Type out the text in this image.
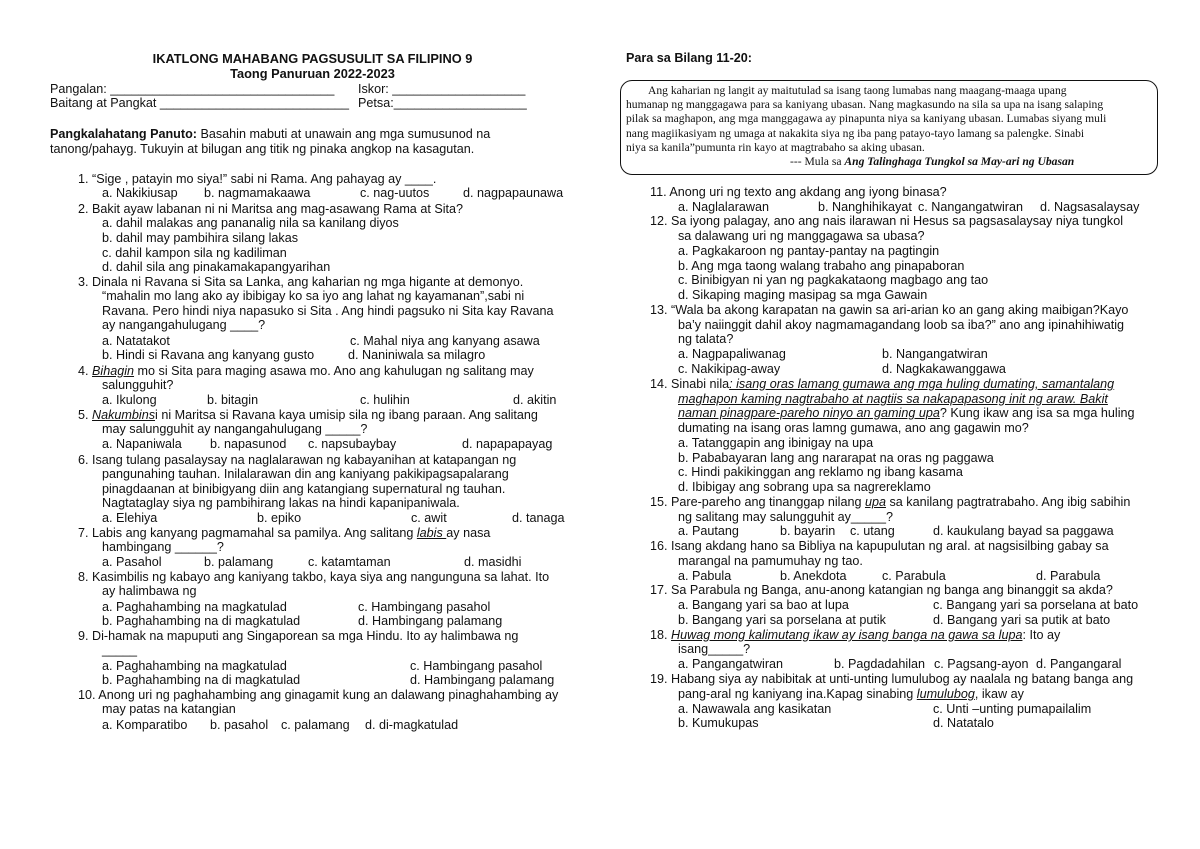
IKATLONG MAHABANG PAGSUSULIT SA FILIPINO 9
Taong Panuruan 2022-2023
Pangalan: ________________________________ Iskor: ___________________
Baitang at Pangkat ___________________________ Petsa:___________________
Pangkalahatang Panuto: Basahin mabuti at unawain ang mga sumusunod na
tanong/pahayg. Tukuyin at bilugan ang titik ng pinaka angkop na kasagutan.
1. “Sige , patayin mo siya!” sabi ni Rama. Ang pahayag ay ____.
a. Nakikiusap b. nagmamakaawa	c. nag-uutos	d. nagpapaunawa
2. Bakit ayaw labanan ni ni Maritsa ang mag-asawang Rama at Sita?
a. dahil malakas ang pananalig nila sa kanilang diyos
b. dahil may pambihira silang lakas
c. dahil kampon sila ng kadiliman
d. dahil sila ang pinakamakapangyarihan
3. Dinala ni Ravana si Sita sa Lanka, ang kaharian ng mga higante at demonyo.
“mahalin mo lang ako ay ibibigay ko sa iyo ang lahat ng kayamanan”,sabi ni
Ravana. Pero hindi niya napasuko si Sita . Ang hindi pagsuko ni Sita kay Ravana
ay nangangahulugang ____?
a. Natatakot	c. Mahal niya ang kanyang asawa
b. Hindi si Ravana ang kanyang gusto	d. Naniniwala sa milagro
4. Bihagin mo si Sita para maging asawa mo. Ano ang kahulugan ng salitang may
salungguhit?
a. Ikulong	b. bitagin	c. hulihin	d. akitin
5. Nakumbinsi ni Maritsa si Ravana kaya umisip sila ng ibang paraan. Ang salitang
may salungguhit ay nangangahulugang _____?
a. Napaniwala b. napasunod c. napsubaybay	d. napapapayag
6. Isang tulang pasalaysay na naglalarawan ng kabayanihan at katapangan ng
pangunahing tauhan. Inilalarawan din ang kaniyang pakikipagsapalarang
pinagdaanan at binibigyang diin ang katangiang supernatural ng tauhan.
Nagtataglay siya ng pambihirang lakas na hindi kapanipaniwala.
a. Elehiya	b. epiko	c. awit	d. tanaga
7. Labis ang kanyang pagmamahal sa pamilya. Ang salitang labis ay nasa
hambingang ______?
a. Pasahol	b. palamang	c. katamtaman	d. masidhi
8. Kasimbilis ng kabayo ang kaniyang takbo, kaya siya ang nangunguna sa lahat. Ito
ay halimbawa ng
a. Paghahambing na magkatulad	c. Hambingang pasahol
b. Paghahambing na di magkatulad	d. Hambingang palamang
9. Di-hamak na mapuputi ang Singaporean sa mga Hindu. Ito ay halimbawa ng
_____
a. Paghahambing na magkatulad	c. Hambingang pasahol
b. Paghahambing na di magkatulad	d. Hambingang palamang
10. Anong uri ng paghahambing ang ginagamit kung an dalawang pinaghahambing ay
may patas na katangian
a. Komparatibo b. pasahol c. palamang d. di-magkatulad
Para sa Bilang 11-20:
Ang kaharian ng langit ay maitutulad sa isang taong lumabas nang maagang-maaga upang
humanap ng manggagawa para sa kaniyang ubasan. Nang magkasundo na sila sa upa na isang salaping
pilak sa maghapon, ang mga manggagawa ay pinapunta niya sa kaniyang ubasan. Lumabas siyang muli
nang magiikasiyam ng umaga at nakakita siya ng iba pang patayo-tayo lamang sa palengke. Sinabi
niya sa kanila”pumunta rin kayo at magtrabaho sa aking ubasan.
--- Mula sa Ang Talinghaga Tungkol sa May-ari ng Ubasan
11. Anong uri ng texto ang akdang ang iyong binasa?
a. Naglalarawan	b. Nanghihikayat c. Nangangatwiran d. Nagsasalaysay
12. Sa iyong palagay, ano ang nais ilarawan ni Hesus sa pagsasalaysay niya tungkol
sa dalawang uri ng manggagawa sa ubasa?
a. Pagkakaroon ng pantay-pantay na pagtingin
b. Ang mga taong walang trabaho ang pinapaboran
c. Binibigyan ni yan ng pagkakataong magbago ang tao
d. Sikaping maging masipag sa mga Gawain
13. “Wala ba akong karapatan na gawin sa ari-arian ko an gang aking maibigan?Kayo
ba’y naiinggit dahil akoy nagmamagandang loob sa iba?” ano ang ipinahihiwatig
ng talata?
a. Nagpapaliwanag	b. Nangangatwiran
c. Nakikipag-away	d. Nagkakawanggawa
14. Sinabi nila: isang oras lamang gumawa ang mga huling dumating, samantalang
maghapon kaming nagtrabaho at nagtiis sa nakapapasong init ng araw. Bakit
naman pinagpare-pareho ninyo an gaming upa? Kung ikaw ang isa sa mga huling
dumating na isang oras lamng gumawa, ano ang gagawin mo?
a. Tatanggapin ang ibinigay na upa
b. Pababayaran lang ang nararapat na oras ng paggawa
c. Hindi pakikinggan ang reklamo ng ibang kasama
d. Ibibigay ang sobrang upa sa nagrereklamo
15. Pare-pareho ang tinanggap nilang upa sa kanilang pagtratrabaho. Ang ibig sabihin
ng salitang may salungguhit ay_____?
a. Pautang	b. bayarin c. utang	d. kaukulang bayad sa paggawa
16. Isang akdang hano sa Bibliya na kapupulutan ng aral. at nagsisilbing gabay sa
marangal na pamumuhay ng tao.
a. Pabula	b. Anekdota	c. Parabula	d. Parabula
17. Sa Parabula ng Banga, anu-anong katangian ng banga ang binanggit sa akda?
a. Bangang yari sa bao at lupa	c. Bangang yari sa porselana at bato
b. Bangang yari sa porselana at putik	d. Bangang yari sa putik at bato
18. Huwag mong kalimutang ikaw ay isang banga na gawa sa lupa: Ito ay
isang_____?
a. Pangangatwiran	b. Pagdadahilan c. Pagsang-ayon d. Pangangaral
19. Habang siya ay nabibitak at unti-unting lumulubog ay naalala ng batang banga ang
pang-aral ng kaniyang ina.Kapag sinabing lumulubog, ikaw ay
a. Nawawala ang kasikatan	c. Unti –unting pumapailalim
b. Kumukupas	d. Natatalo
